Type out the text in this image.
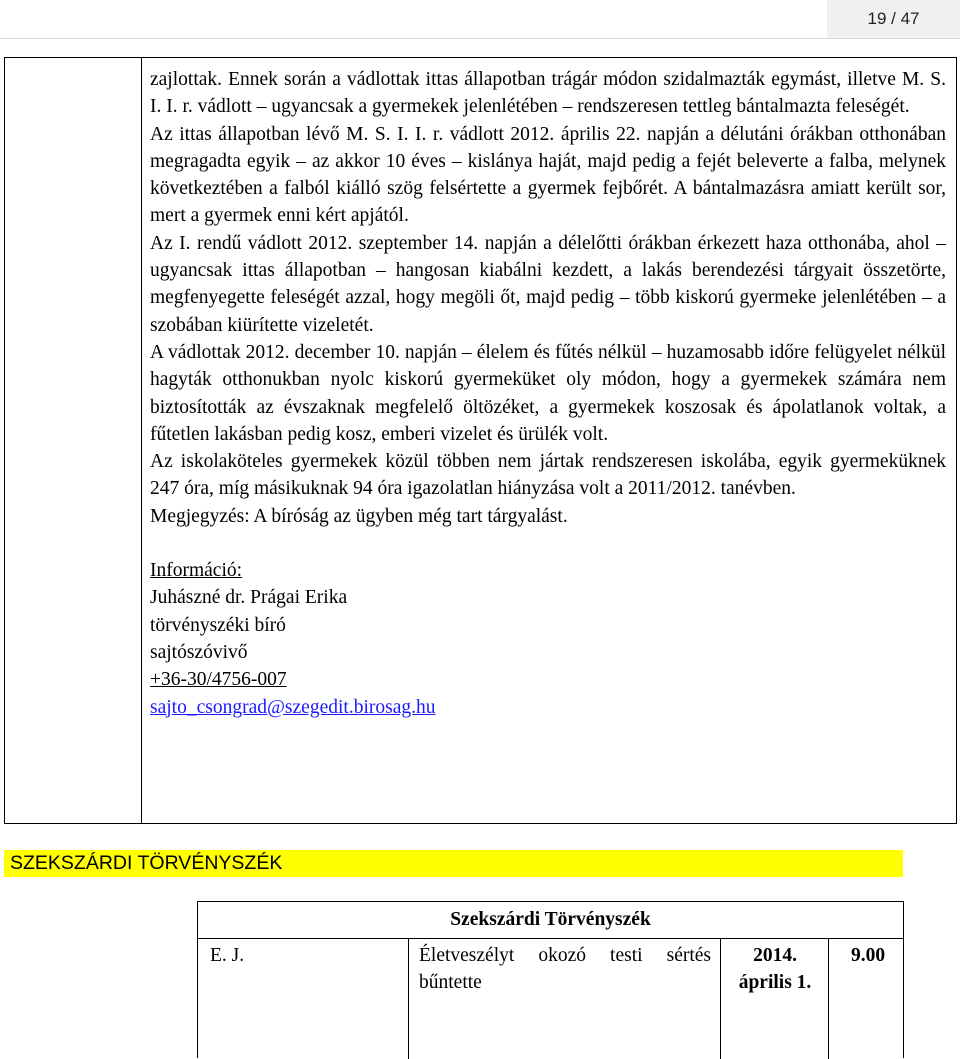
19 / 47

zajlottak. Ennek során a vádlottak ittas állapotban trágár módon szidalmazták egymást, illetve M. S. I. I. r. vádlott – ugyancsak a gyermekek jelenlétében – rendszeresen tettleg bántalmazta feleségét.

Az ittas állapotban lévő M. S. I. I. r. vádlott 2012. április 22. napján a délutáni órákban otthonában megragadta egyik – az akkor 10 éves – kislánya haját, majd pedig a fejét beleverte a falba, melynek következtében a falból kiálló szög felsértette a gyermek fejbőrét. A bántalmazásra amiatt került sor, mert a gyermek enni kért apjától.

Az I. rendű vádlott 2012. szeptember 14. napján a délelőtti órákban érkezett haza otthonába, ahol – ugyancsak ittas állapotban – hangosan kiabálni kezdett, a lakás berendezési tárgyait összetörte, megfenyegette feleségét azzal, hogy megöli őt, majd pedig – több kiskorú gyermeke jelenlétében – a szobában kiürítette vizeletét.

A vádlottak 2012. december 10. napján – élelem és fűtés nélkül – huzamosabb időre felügyelet nélkül hagyták otthonukban nyolc kiskorú gyermeküket oly módon, hogy a gyermekek számára nem biztosították az évszaknak megfelelő öltözéket, a gyermekek koszosak és ápolatlanok voltak, a fűtetlen lakásban pedig kosz, emberi vizelet és ürülék volt.

Az iskolaköteles gyermekek közül többen nem jártak rendszeresen iskolába, egyik gyermeküknek 247 óra, míg másikuknak 94 óra igazolatlan hiányzása volt a 2011/2012. tanévben.

Megjegyzés: A bíróság az ügyben még tart tárgyalást.

Információ:
Juhászné dr. Prágai Erika
törvényszéki bíró
sajtószóvivő
+36-30/4756-007
sajto_csongrad@szegedit.birosag.hu
SZEKSZÁRDI TÖRVÉNYSZÉK
Szekszárdi Törvényszék
E. J.	Életveszélyt okozó testi sértés bűntette
2014. április 1.
9.00
